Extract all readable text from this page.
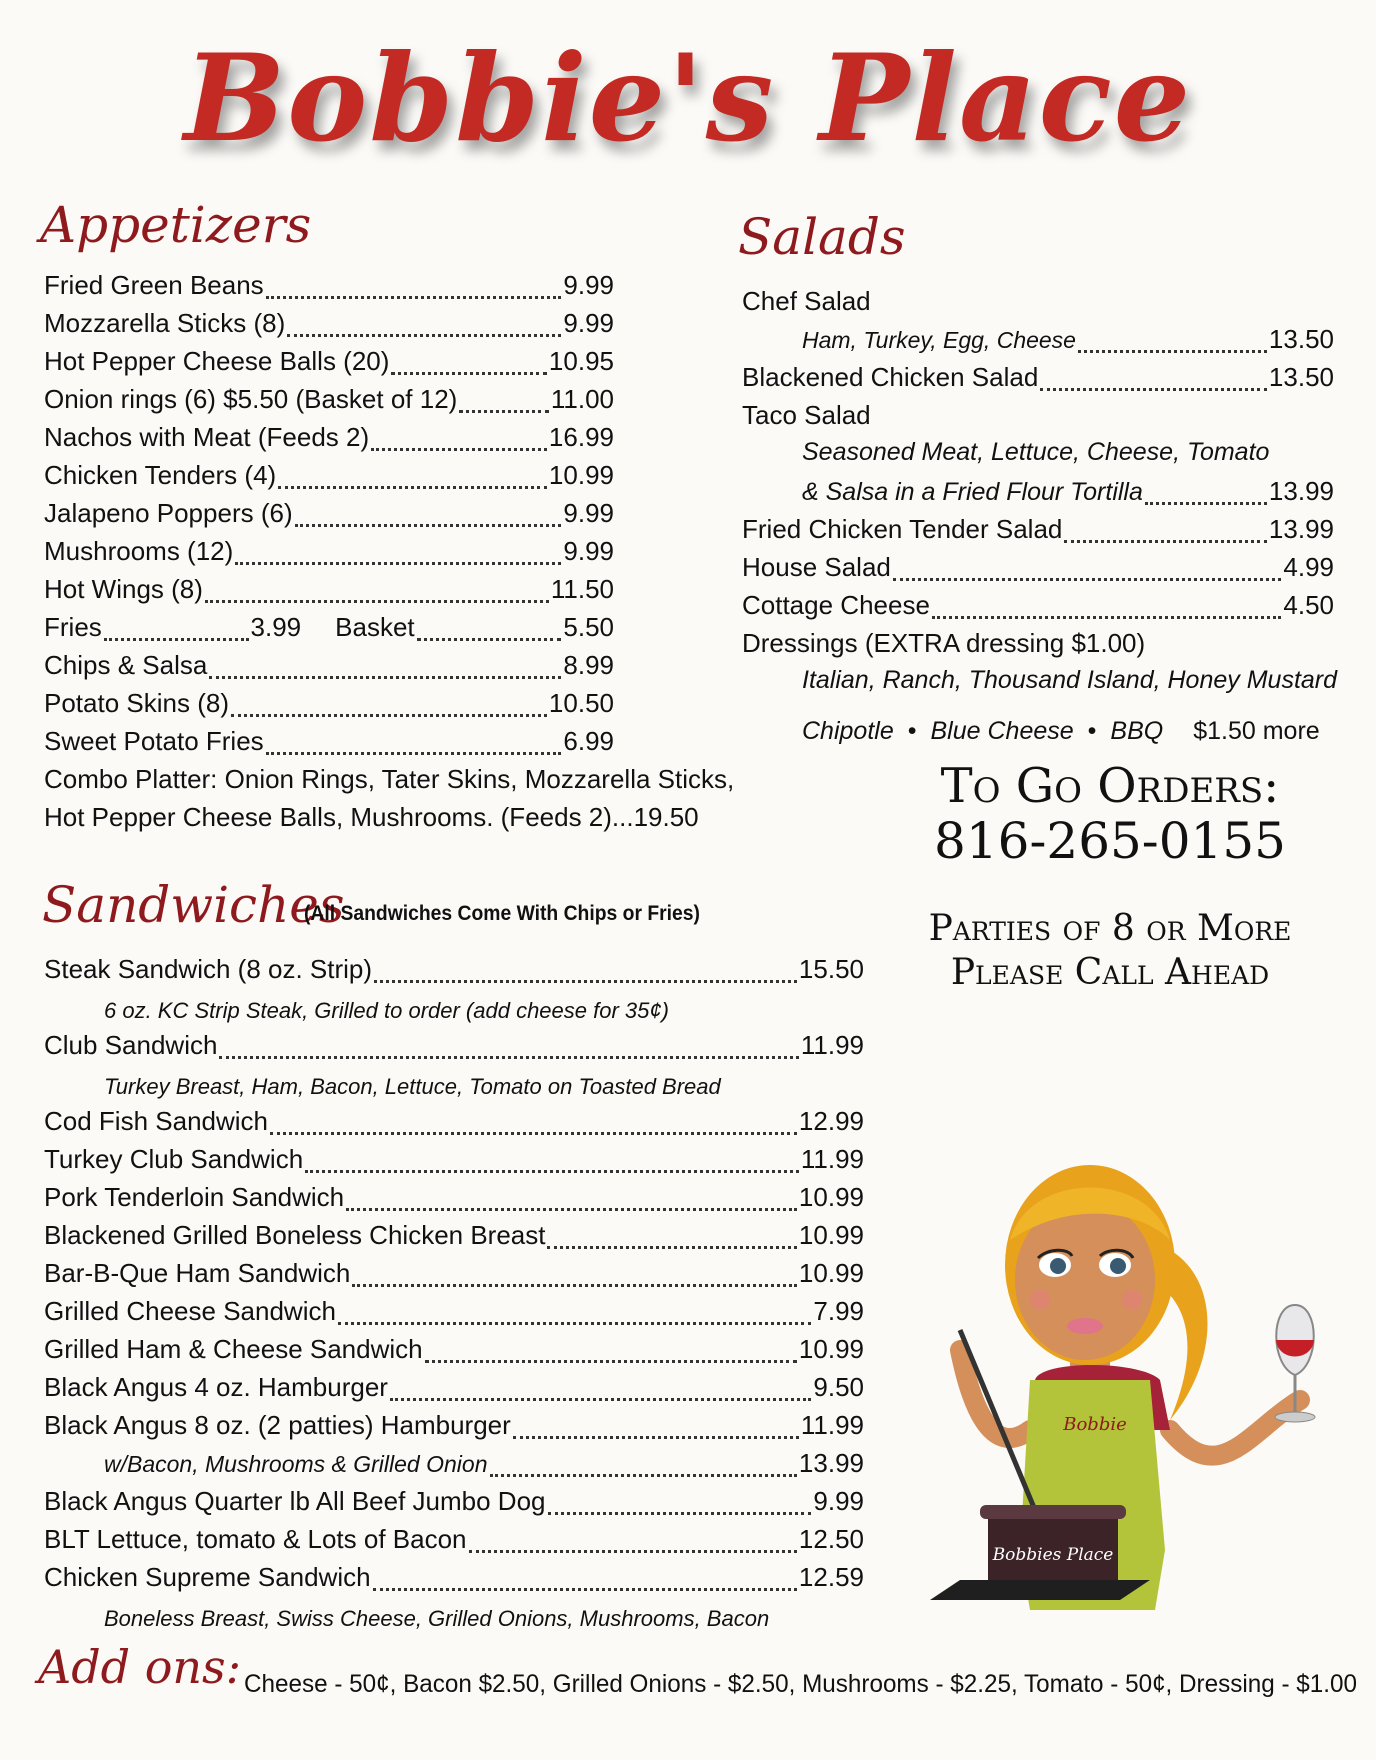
Bobbie's Place
Appetizers
Fried Green Beans	9.99
Mozzarella Sticks (8)	9.99
Hot Pepper Cheese Balls (20)	10.95
Onion rings (6) $5.50 (Basket of 12)	11.00
Nachos with Meat (Feeds 2)	16.99
Chicken Tenders (4)	10.99
Jalapeno Poppers (6)	9.99
Mushrooms (12)	9.99
Hot Wings (8)	11.50
Fries	3.99 Basket	5.50
Chips & Salsa	8.99
Potato Skins (8)	10.50
Sweet Potato Fries	6.99
Combo Platter: Onion Rings, Tater Skins, Mozzarella Sticks,
Hot Pepper Cheese Balls, Mushrooms. (Feeds 2)...19.50
Salads
Chef Salad
Ham, Turkey, Egg, Cheese	13.50
Blackened Chicken Salad	13.50
Taco Salad
Seasoned Meat, Lettuce, Cheese, Tomato
& Salsa in a Fried Flour Tortilla	13.99
Fried Chicken Tender Salad	13.99
House Salad	4.99
Cottage Cheese	4.50
Dressings (EXTRA dressing $1.00)
Italian, Ranch, Thousand Island, Honey Mustard
Chipotle • Blue Cheese • BBQ $1.50 more
To Go Orders:
816-265-0155
Parties of 8 or More
Please Call Ahead
Sandwiches
(All Sandwiches Come With Chips or Fries)
Steak Sandwich (8 oz. Strip)	15.50
6 oz. KC Strip Steak, Grilled to order (add cheese for 35¢)
Club Sandwich	11.99
Turkey Breast, Ham, Bacon, Lettuce, Tomato on Toasted Bread
Cod Fish Sandwich	12.99
Turkey Club Sandwich	11.99
Pork Tenderloin Sandwich	10.99
Blackened Grilled Boneless Chicken Breast	10.99
Bar-B-Que Ham Sandwich	10.99
Grilled Cheese Sandwich	7.99
Grilled Ham & Cheese Sandwich	10.99
Black Angus 4 oz. Hamburger	9.50
Black Angus 8 oz. (2 patties) Hamburger	11.99
w/Bacon, Mushrooms & Grilled Onion	13.99
Black Angus Quarter lb All Beef Jumbo Dog	9.99
BLT Lettuce, tomato & Lots of Bacon	12.50
Chicken Supreme Sandwich	12.59
Boneless Breast, Swiss Cheese, Grilled Onions, Mushrooms, Bacon
Bobbie
Bobbies Place
Add ons: Cheese - 50¢, Bacon $2.50, Grilled Onions - $2.50, Mushrooms - $2.25, Tomato - 50¢, Dressing - $1.00
